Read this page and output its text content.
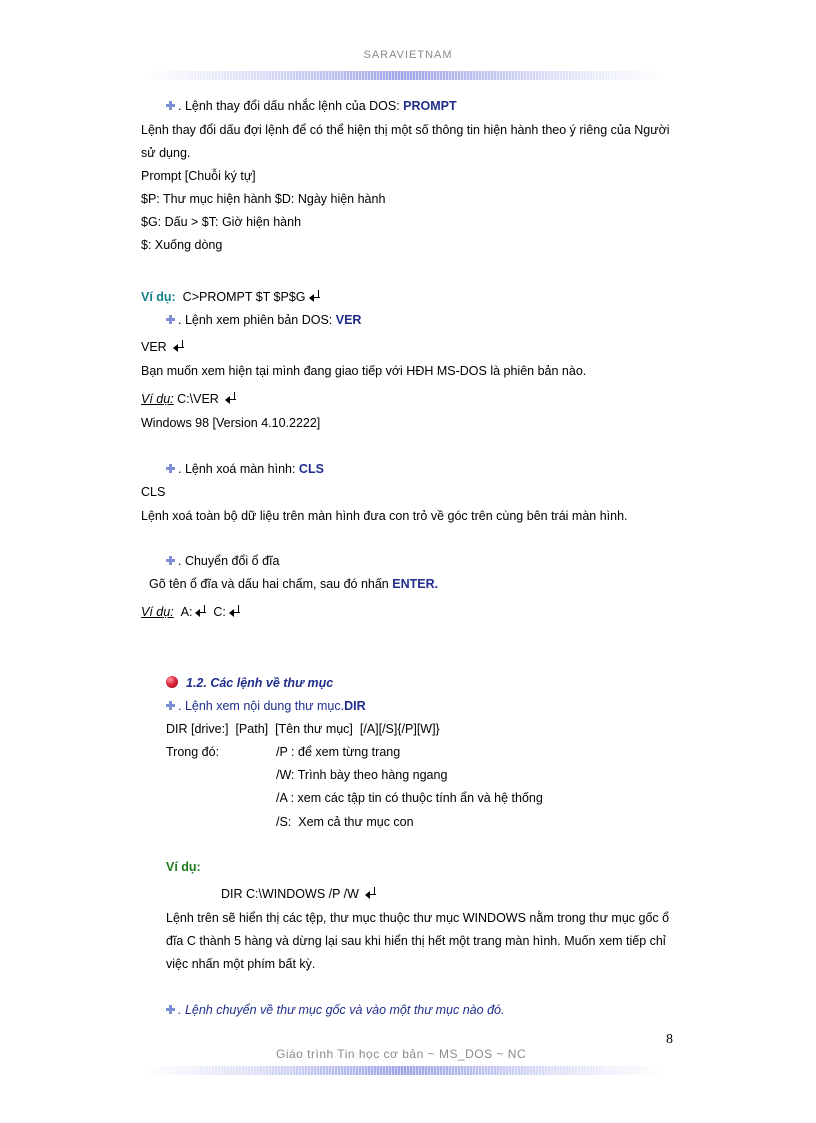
SARAVIETNAM
. Lệnh thay đổi dấu nhắc lệnh của DOS: PROMPT
Lệnh thay đổi dấu đợi lệnh để có thể hiện thị một số thông tin hiện hành theo ý riêng của Người
sử dụng.
Prompt [Chuỗi ký tự]
$P: Thư mục hiện hành $D: Ngày hiện hành
$G: Dấu > $T: Giờ hiện hành
$: Xuống dòng
Ví dụ: C>PROMPT $T $P$G
. Lệnh xem phiên bản DOS: VER
VER
Bạn muốn xem hiện tại mình đang giao tiếp với HĐH MS-DOS là phiên bản nào.
Ví dụ: C:\VER
Windows 98 [Version 4.10.2222]
. Lệnh xoá màn hình: CLS
CLS
Lệnh xoá toàn bộ dữ liệu trên màn hình đưa con trỏ về góc trên cùng bên trái màn hình.
. Chuyển đổi ổ đĩa
Gõ tên ổ đĩa và dấu hai chấm, sau đó nhấn ENTER.
Ví dụ: A: C:
1.2. Các lệnh về thư mục
. Lệnh xem nội dung thư mục.DIR
DIR [drive:]  [Path]  [Tên thư mục]  [/A][/S]{/P][W]}
Trong đó:	/P : để xem từng trang
/W: Trình bày theo hàng ngang
/A : xem các tập tin có thuộc tính ẩn và hệ thống
/S:  Xem cả thư mục con
Ví dụ:
DIR C:\WINDOWS /P /W
Lệnh trên sẽ hiển thị các tệp, thư mục thuộc thư mục WINDOWS nằm trong thư mục gốc ổ
đĩa C thành 5 hàng và dừng lại sau khi hiển thị hết một trang màn hình. Muốn xem tiếp chỉ
việc nhấn một phím bất kỳ.
. Lệnh chuyển về thư mục gốc và vào một thư mục nào đó.
8
Giáo trình Tin học cơ bản ~ MS_DOS ~ NC
